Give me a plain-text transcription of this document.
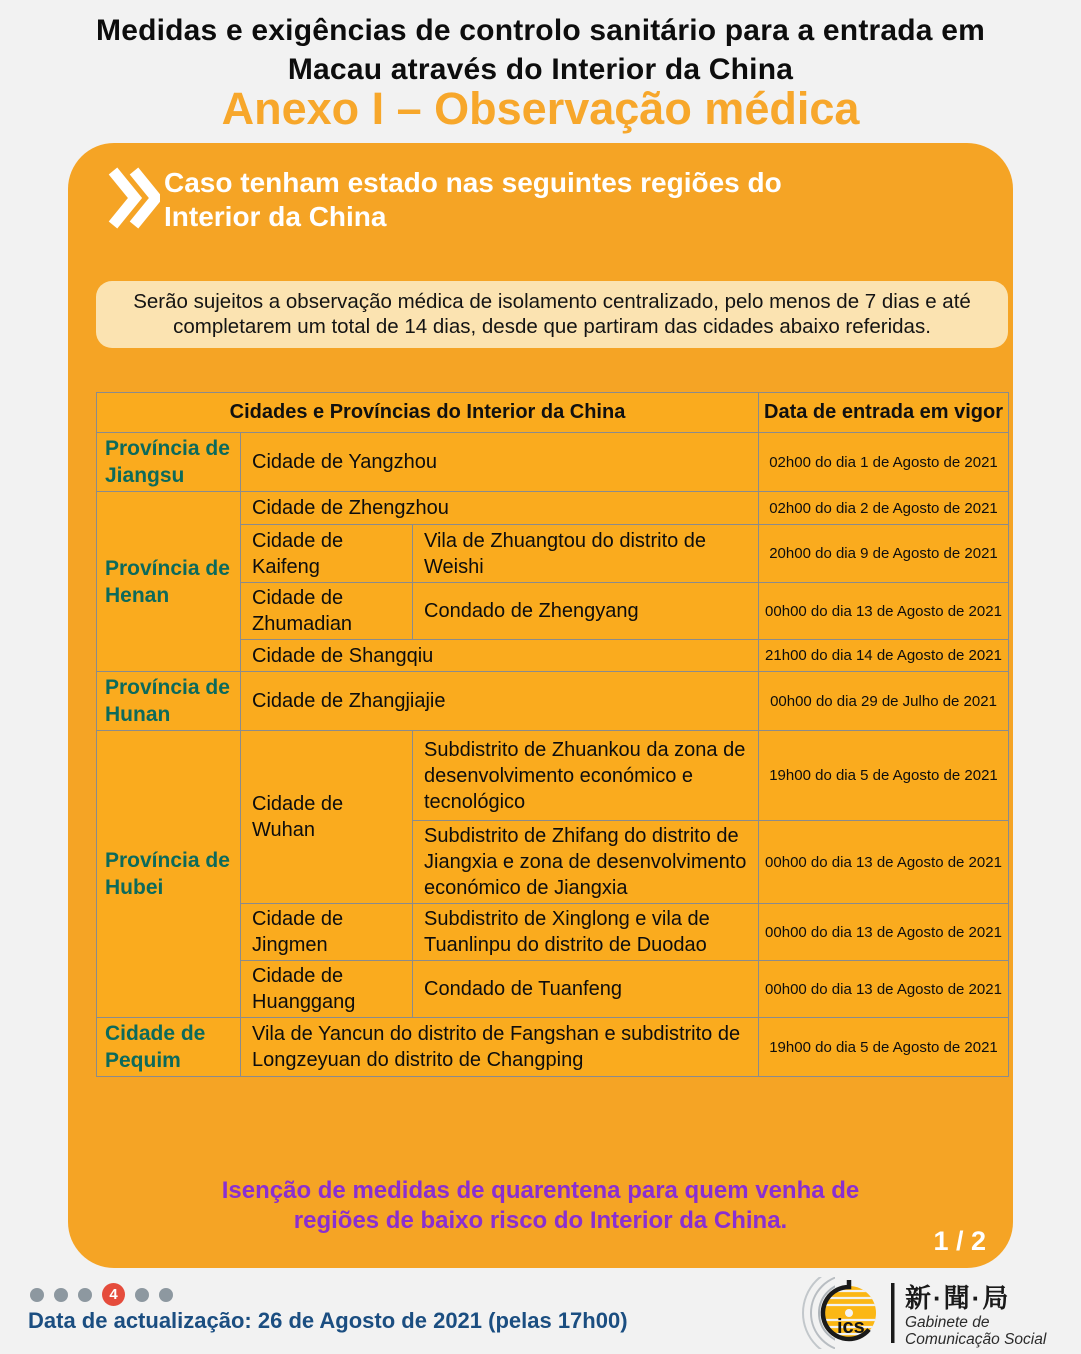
Medidas e exigências de controlo sanitário para a entrada em
Macau através do Interior da China
Anexo I – Observação médica
Caso tenham estado nas seguintes regiões do
Interior da China
Serão sujeitos a observação médica de isolamento centralizado, pelo menos de 7 dias e até completarem um total de 14 dias, desde que partiram das cidades abaixo referidas.
Cidades e Províncias do Interior da China			Data de entrada em vigor
Província de Jiangsu	Cidade de Yangzhou		02h00 do dia 1 de Agosto de 2021
Província de Henan	Cidade de Zhengzhou		02h00 do dia 2 de Agosto de 2021
	Cidade de Kaifeng	Vila de Zhuangtou do distrito de Weishi	20h00 do dia 9 de Agosto de 2021
	Cidade de Zhumadian	Condado de Zhengyang	00h00 do dia 13 de Agosto de 2021
	Cidade de Shangqiu		21h00 do dia 14 de Agosto de 2021
Província de Hunan	Cidade de Zhangjiajie		00h00 do dia 29 de Julho de 2021
Província de Hubei	Cidade de Wuhan	Subdistrito de Zhuankou da zona de desenvolvimento económico e tecnológico	19h00 do dia 5 de Agosto de 2021
		Subdistrito de Zhifang do distrito de Jiangxia e zona de desenvolvimento económico de Jiangxia	00h00 do dia 13 de Agosto de 2021
	Cidade de Jingmen	Subdistrito de Xinglong e vila de Tuanlinpu do distrito de Duodao	00h00 do dia 13 de Agosto de 2021
	Cidade de Huanggang	Condado de Tuanfeng	00h00 do dia 13 de Agosto de 2021
Cidade de Pequim	Vila de Yancun do distrito de Fangshan e subdistrito de Longzeyuan do distrito de Changping		19h00 do dia 5 de Agosto de 2021
Isenção de medidas de quarentena para quem venha de
regiões de baixo risco do Interior da China.
1 / 2
4
Data de actualização: 26 de Agosto de 2021 (pelas 17h00)	ics
新·聞·局
Gabinete de
Comunicação Social
